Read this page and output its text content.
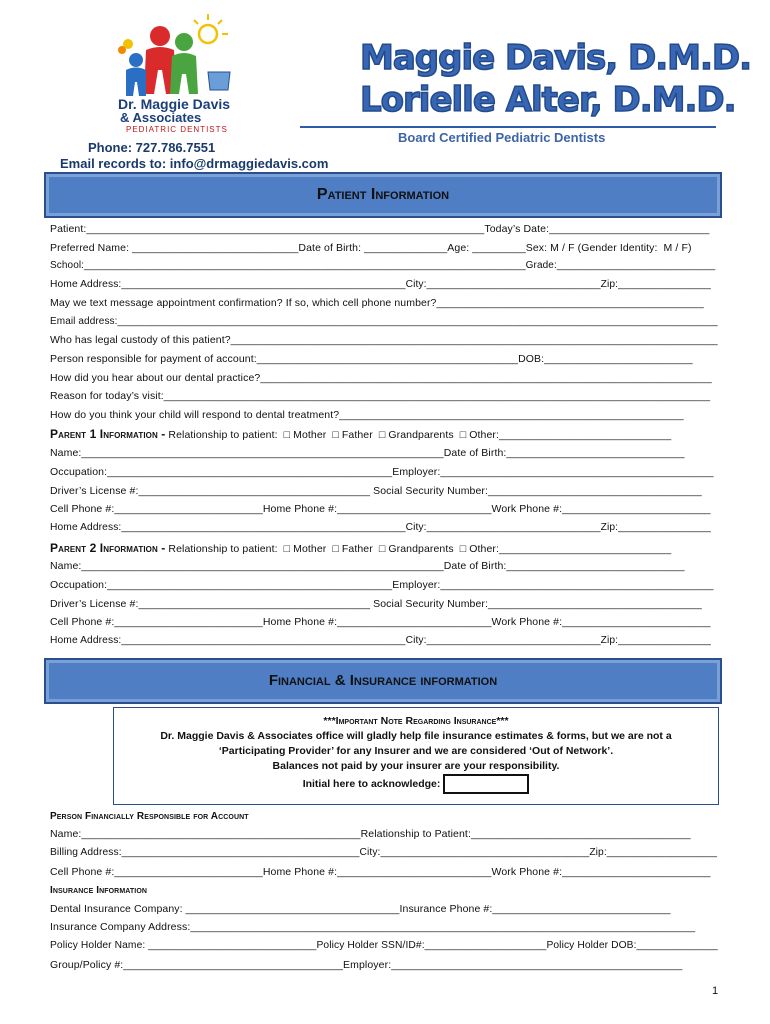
Dr. Maggie Davis
& Associates
PEDIATRIC DENTISTS
Phone: 727.786.7551
Email records to: info@drmaggiedavis.com
Maggie Davis, D.M.D.
Lorielle Alter, D.M.D.
Board Certified Pediatric Dentists
Patient Information
Patient:___________________________________________________________________Today’s Date:___________________________
Preferred Name: ____________________________Date of Birth: ______________Age: _________Sex: M / F (Gender Identity:  M / F)
School:______________________________________________________________________________Grade:____________________________
Home Address:_________________________________________________City:______________________________Zip:________________
May we text message appointment confirmation? If so, which cell phone number?_____________________________________________
Email address:__________________________________________________________________________________________________________
Who has legal custody of this patient?__________________________________________________________________________________
Person responsible for payment of account:____________________________________________DOB:_________________________
How did you hear about our dental practice?____________________________________________________________________________
Reason for today’s visit:____________________________________________________________________________________________
How do you think your child will respond to dental treatment?__________________________________________________________
Parent 1 Information - Relationship to patient:  □ Mother  □ Father  □ Grandparents  □ Other:_____________________________
Name:_____________________________________________________________Date of Birth:______________________________
Occupation:________________________________________________Employer:______________________________________________
Driver’s License #:_______________________________________ Social Security Number:____________________________________
Cell Phone #:_________________________Home Phone #:__________________________Work Phone #:_________________________
Home Address:_________________________________________________City:______________________________Zip:________________
Parent 2 Information - Relationship to patient:  □ Mother  □ Father  □ Grandparents  □ Other:_____________________________
Name:_____________________________________________________________Date of Birth:______________________________
Occupation:________________________________________________Employer:______________________________________________
Driver’s License #:_______________________________________ Social Security Number:____________________________________
Cell Phone #:_________________________Home Phone #:__________________________Work Phone #:_________________________
Home Address:_________________________________________________City:______________________________Zip:________________
Financial & Insurance information
***Important Note Regarding Insurance***
Dr. Maggie Davis & Associates office will gladly help file insurance estimates & forms, but we are not a
‘Participating Provider’ for any Insurer and we are considered ‘Out of Network’.
Balances not paid by your insurer are your responsibility.
Initial here to acknowledge:
Person Financially Responsible for Account
Name:_______________________________________________Relationship to Patient:_____________________________________
Billing Address:_________________________________________City:____________________________________Zip:___________________
Cell Phone #:_________________________Home Phone #:__________________________Work Phone #:_________________________
Insurance Information
Dental Insurance Company: ____________________________________Insurance Phone #:______________________________
Insurance Company Address:_____________________________________________________________________________________
Policy Holder Name: _____________________________Policy Holder SSN/ID#:_____________________Policy Holder DOB:______________
Group/Policy #:_____________________________________Employer:_________________________________________________
1
